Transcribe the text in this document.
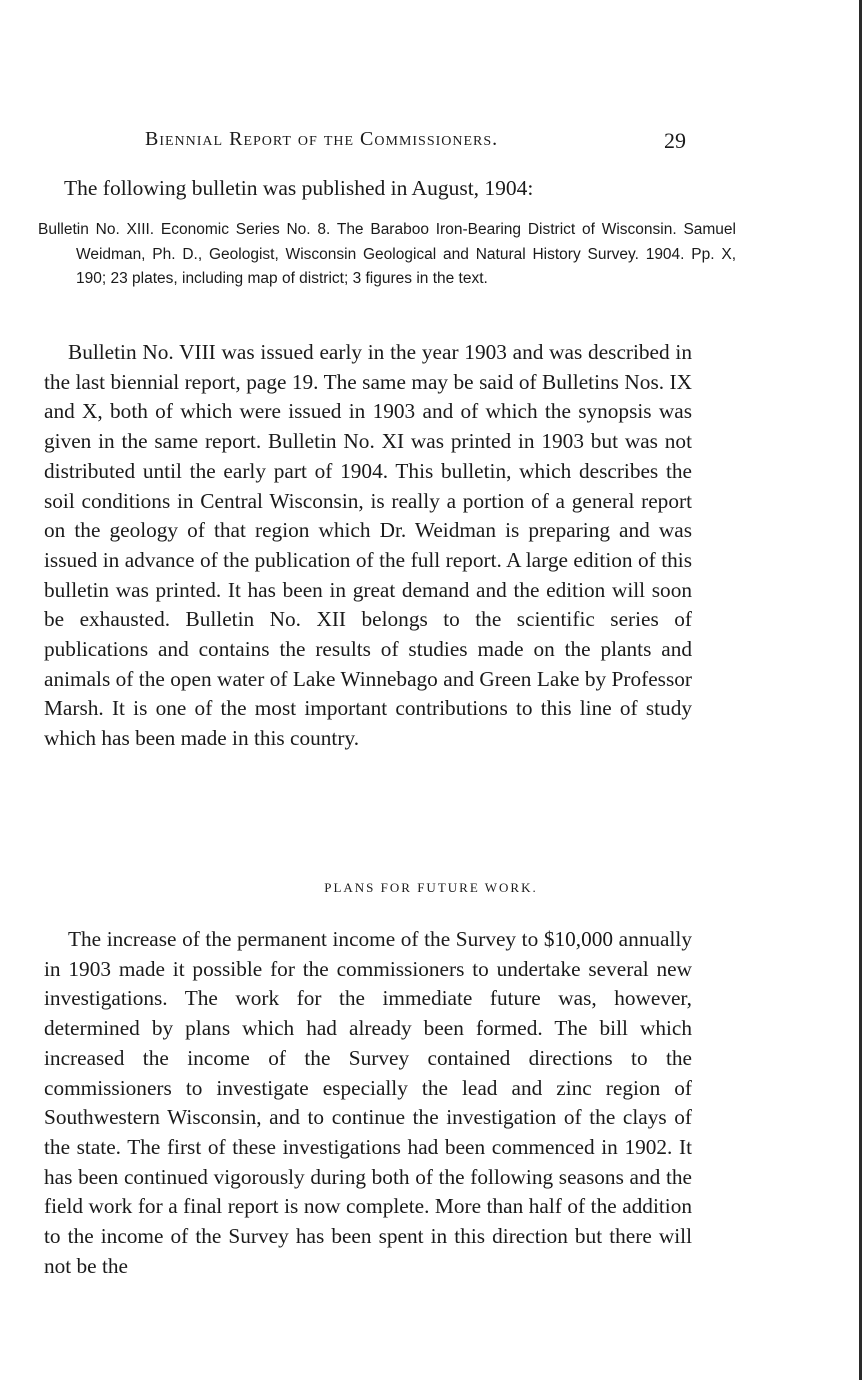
Biennial Report of the Commissioners.	29
The following bulletin was published in August, 1904:
Bulletin No. XIII. Economic Series No. 8. The Baraboo Iron-Bearing District of Wisconsin. Samuel Weidman, Ph. D., Geologist, Wisconsin Geological and Natural History Survey. 1904. Pp. X, 190; 23 plates, including map of district; 3 figures in the text.

Bulletin No. VIII was issued early in the year 1903 and was described in the last biennial report, page 19. The same may be said of Bulletins Nos. IX and X, both of which were issued in 1903 and of which the synopsis was given in the same report. Bulletin No. XI was printed in 1903 but was not distributed until the early part of 1904. This bulletin, which describes the soil conditions in Central Wisconsin, is really a portion of a general report on the geology of that region which Dr. Weidman is preparing and was issued in advance of the publication of the full report. A large edition of this bulletin was printed. It has been in great demand and the edition will soon be exhausted. Bulletin No. XII belongs to the scientific series of publications and contains the results of studies made on the plants and animals of the open water of Lake Winnebago and Green Lake by Professor Marsh. It is one of the most important contributions to this line of study which has been made in this country.

PLANS FOR FUTURE WORK.

The increase of the permanent income of the Survey to $10,000 annually in 1903 made it possible for the commissioners to undertake several new investigations. The work for the immediate future was, however, determined by plans which had already been formed. The bill which increased the income of the Survey contained directions to the commissioners to investigate especially the lead and zinc region of Southwestern Wisconsin, and to continue the investigation of the clays of the state. The first of these investigations had been commenced in 1902. It has been continued vigorously during both of the following seasons and the field work for a final report is now complete. More than half of the addition to the income of the Survey has been spent in this direction but there will not be the
